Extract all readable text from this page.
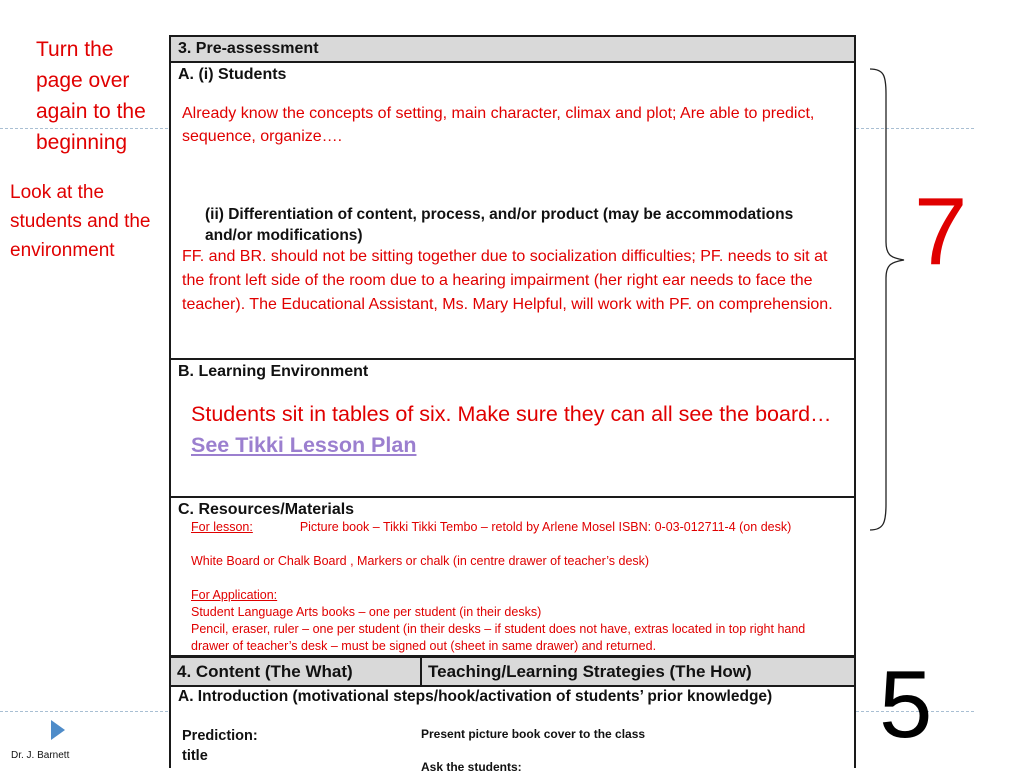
Turn the page over again to the beginning
Look at the students and the environment
3. Pre-assessment
A. (i) Students
Already know the concepts of setting, main character, climax and plot; Are able to predict, sequence, organize….
(ii) Differentiation of content, process, and/or product (may be accommodations and/or modifications)
FF. and BR. should not be sitting together due to socialization difficulties; PF. needs to sit at the front left side of the room due to a hearing impairment (her right ear needs to face the teacher). The Educational Assistant, Ms. Mary Helpful, will work with PF. on comprehension.
B. Learning Environment
Students sit in tables of six. Make sure they can all see the board… See Tikki Lesson Plan
C. Resources/Materials
For lesson:	Picture book – Tikki Tikki Tembo – retold by Arlene Mosel ISBN: 0-03-012711-4 (on desk)
White Board or Chalk Board , Markers or chalk (in centre drawer of teacher’s desk)
For Application:
Student Language Arts books – one per student (in their desks)
Pencil, eraser, ruler – one per student (in their desks – if student does not have, extras located in top right hand drawer of teacher’s desk – must be signed out (sheet in same drawer) and returned.
4. Content (The What)	Teaching/Learning Strategies (The How)
A. Introduction (motivational steps/hook/activation of students’ prior knowledge)
Prediction:
title
Present picture book cover to the class
Ask the students:
7
5
Dr. J. Barnett
